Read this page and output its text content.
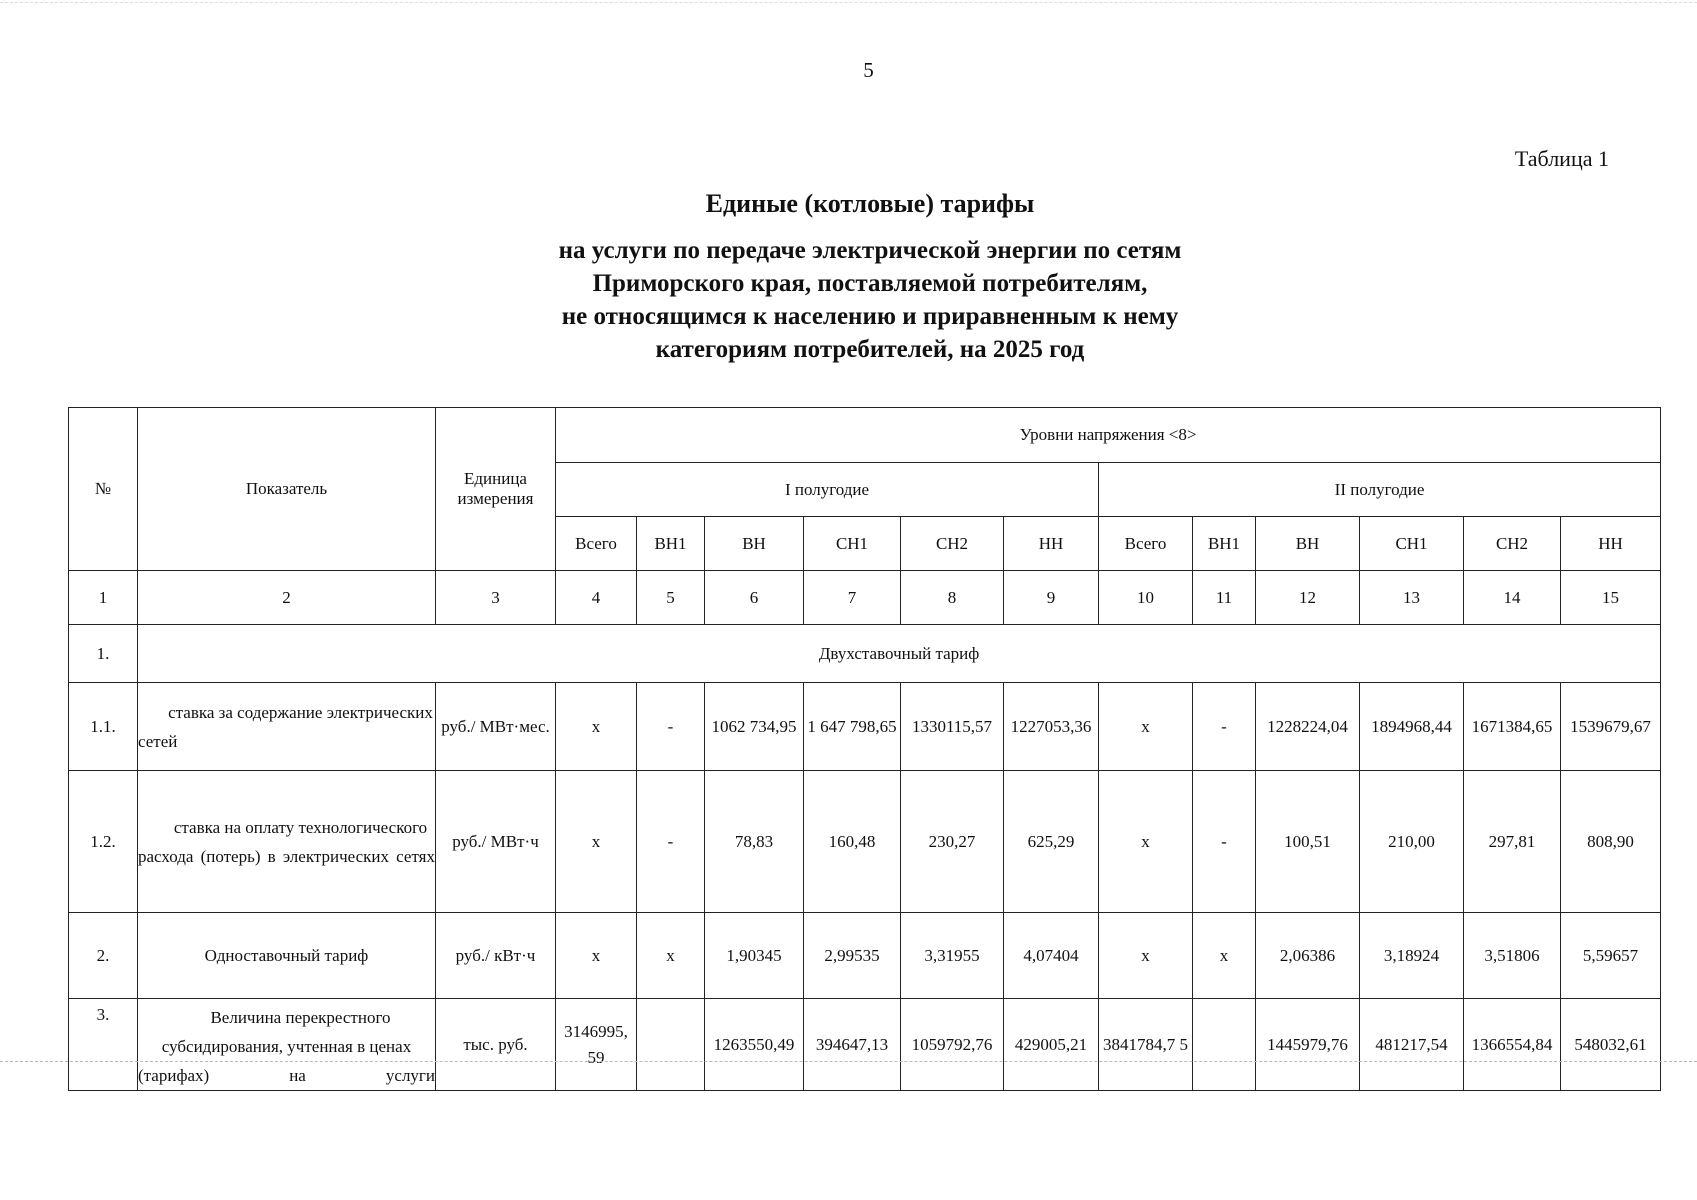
5
Таблица 1
Единые (котловые) тарифы
на услуги по передаче электрической энергии по сетям
Приморского края, поставляемой потребителям,
не относящимся к населению и приравненным к нему
категориям потребителей, на 2025 год
№	Показатель	Единица измерения	Уровни напряжения <8>											
			I полугодие						II полугодие					
			Всего	ВН1	ВН	СН1	СН2	НН	Всего	ВН1	ВН	СН1	СН2	НН
1	2	3	4	5	6	7	8	9	10	11	12	13	14	15
1.	Двухставочный тариф													
1.1.	ставка за содержание электрических сетей	руб./ МВт·мес.	х	-	1062 734,95	1 647 798,65	1330115,57	1227053,36	х	-	1228224,04	1894968,44	1671384,65	1539679,67
1.2.	ставка на оплату технологического расхода (потерь) в электрических сетях	руб./ МВт·ч	х	-	78,83	160,48	230,27	625,29	х	-	100,51	210,00	297,81	808,90
2.	Одноставочный тариф	руб./ кВт·ч	х	х	1,90345	2,99535	3,31955	4,07404	х	х	2,06386	3,18924	3,51806	5,59657
3.	Величина перекрестного субсидирования, учтенная в ценах (тарифах) на услуги	тыс. руб.	3146995, 59		1263550,49	394647,13	1059792,76	429005,21	3841784,7 5		1445979,76	481217,54	1366554,84	548032,61
